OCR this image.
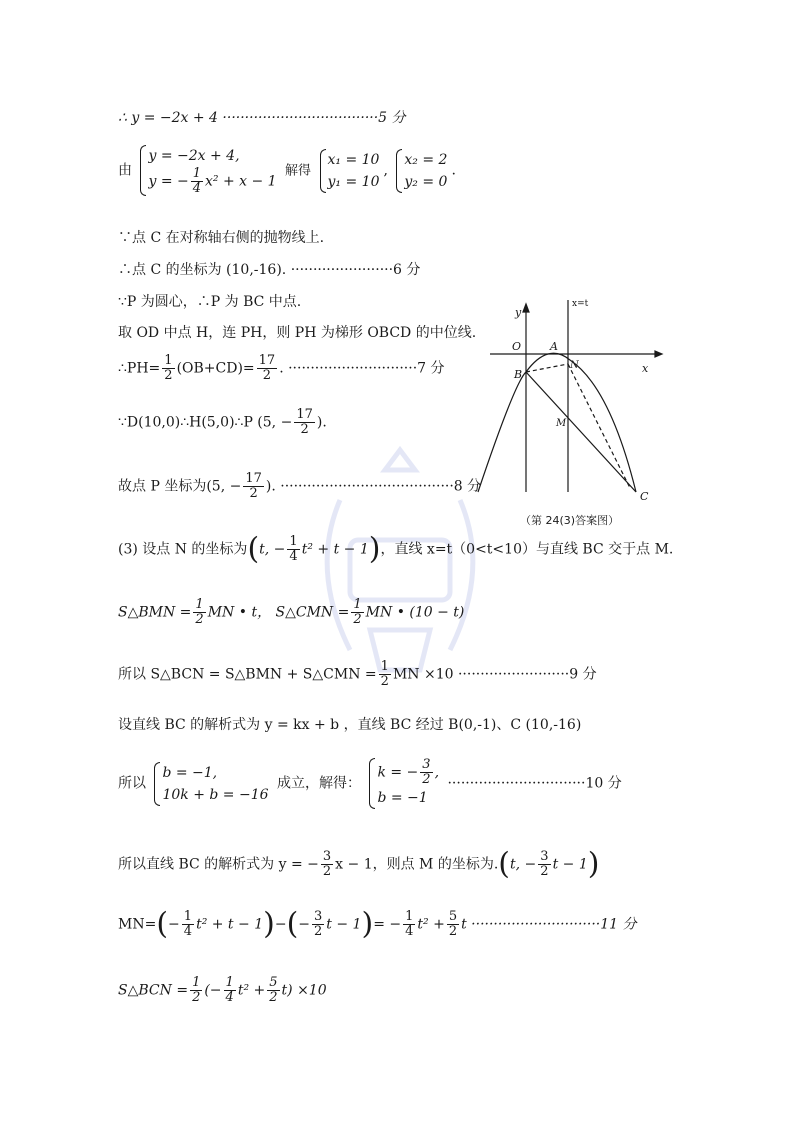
∴ y = −2x + 4 ···································5 分
由
y = −2x + 4,
y = − $\frac{1}{4} x^2 + x - 1$
解得
x₁ = 10
y₁ = 10
,
x₂ = 2
y₂ = 0
.
∵点 C 在对称轴右侧的抛物线上.
∴点 C 的坐标为 (10,-16). ·······················6 分
∵P 为圆心，∴P 为 BC 中点.
取 OD 中点 H，连 PH，则 PH 为梯形 OBCD 的中位线.
∴PH= $\frac{1}{2} (OB+CD)= \frac{17}{2}$ . ·····························7 分
∵D(10,0)∴H(5,0)∴P (5, − $\frac{17}{2}$ ).
故点 P 坐标为(5, − $\frac{17}{2}$ ). ·······································8 分
(3) 设点 N 的坐标为(t, − $\frac{1}{4} t^2 + t - 1$)，直线 x=t（0<t<10）与直线 BC 交于点 M.
S△BMN = $\frac{1}{2}$ MN • t， S△CMN = $\frac{1}{2}$ MN • (10 − t)
所以 S△BCN = S△BMN + S△CMN = $\frac{1}{2}$ MN ×10 ·························9 分
设直线 BC 的解析式为 y = kx + b ，直线 BC 经过 B(0,-1)、C (10,-16)
所以
b = −1,
10k + b = −16
成立，解得：
k = − $\frac{3}{2}$ ,
b = −1
·······························10 分
所以直线 BC 的解析式为 y = − $\frac{3}{2}$ x − 1，则点 M 的坐标为.(t, − $\frac{3}{2}$ t − 1)
$MN=(- \frac{1}{4} t^2 + t - 1)-(- \frac{3}{2}$ $t - 1)= - \frac{1}{4} t^2 + \frac{5}{2}$ t ·····························11 分
S△BCN = $\frac{1}{2}$ (− $\frac{1}{4} t^2 + \frac{5}{2} t) \times 10$
y
x
x=t
O	A
N
B
M
C
（第 24(3)答案图）
